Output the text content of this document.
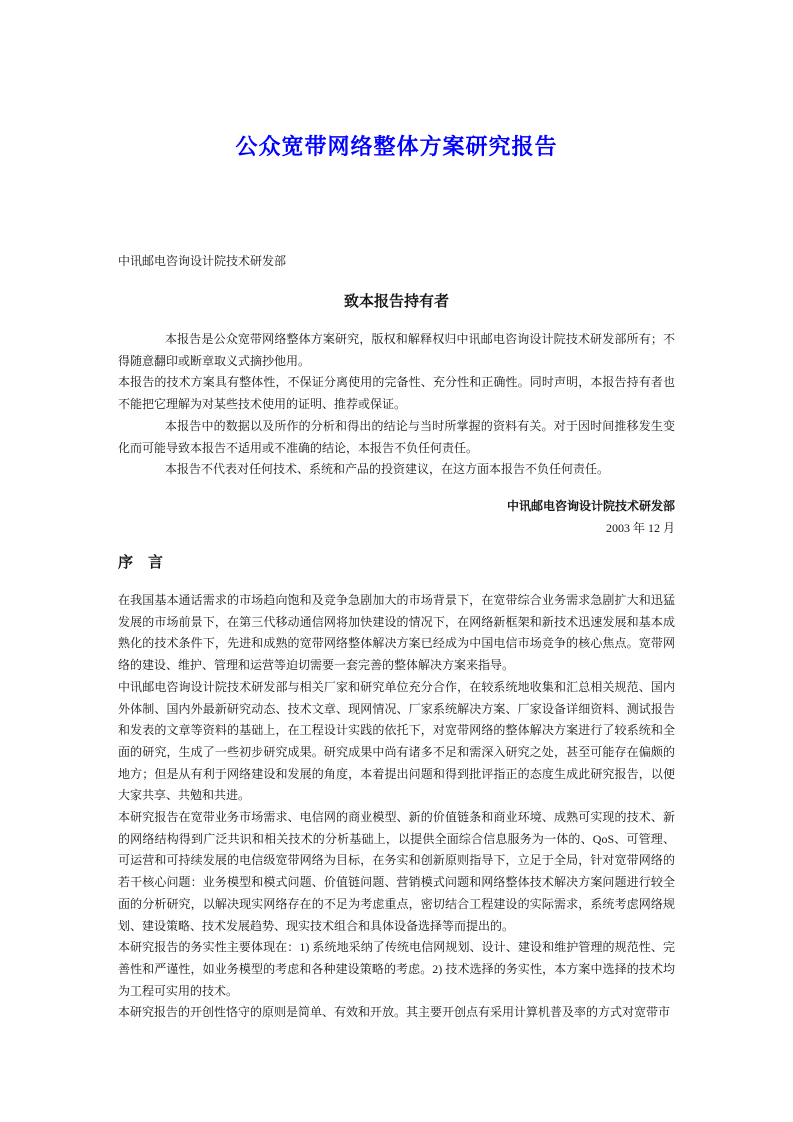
公众宽带网络整体方案研究报告
中讯邮电咨询设计院技术研发部
致本报告持有者

本报告是公众宽带网络整体方案研究，版权和解释权归中讯邮电咨询设计院技术研发部所有；不得随意翻印或断章取义式摘抄他用。

本报告的技术方案具有整体性，不保证分离使用的完备性、充分性和正确性。同时声明，本报告持有者也不能把它理解为对某些技术使用的证明、推荐或保证。

本报告中的数据以及所作的分析和得出的结论与当时所掌握的资料有关。对于因时间推移发生变化而可能导致本报告不适用或不准确的结论，本报告不负任何责任。

本报告不代表对任何技术、系统和产品的投资建议，在这方面本报告不负任何责任。

中讯邮电咨询设计院技术研发部
2003 年 12 月
序　言

在我国基本通话需求的市场趋向饱和及竞争急剧加大的市场背景下，在宽带综合业务需求急剧扩大和迅猛发展的市场前景下，在第三代移动通信网将加快建设的情况下，在网络新框架和新技术迅速发展和基本成熟化的技术条件下，先进和成熟的宽带网络整体解决方案已经成为中国电信市场竞争的核心焦点。宽带网络的建设、维护、管理和运营等迫切需要一套完善的整体解决方案来指导。

中讯邮电咨询设计院技术研发部与相关厂家和研究单位充分合作，在较系统地收集和汇总相关规范、国内外体制、国内外最新研究动态、技术文章、现网情况、厂家系统解决方案、厂家设备详细资料、测试报告和发表的文章等资料的基础上，在工程设计实践的依托下，对宽带网络的整体解决方案进行了较系统和全面的研究，生成了一些初步研究成果。研究成果中尚有诸多不足和需深入研究之处，甚至可能存在偏颇的地方；但是从有利于网络建设和发展的角度，本着提出问题和得到批评指正的态度生成此研究报告，以便大家共享、共勉和共进。

本研究报告在宽带业务市场需求、电信网的商业模型、新的价值链条和商业环境、成熟可实现的技术、新的网络结构得到广泛共识和相关技术的分析基础上，以提供全面综合信息服务为一体的、QoS、可管理、可运营和可持续发展的电信级宽带网络为目标，在务实和创新原则指导下，立足于全局，针对宽带网络的若干核心问题：业务模型和模式问题、价值链问题、营销模式问题和网络整体技术解决方案问题进行较全面的分析研究，以解决现实网络存在的不足为考虑重点，密切结合工程建设的实际需求，系统考虑网络规划、建设策略、技术发展趋势、现实技术组合和具体设备选择等而提出的。

本研究报告的务实性主要体现在：1) 系统地采纳了传统电信网规划、设计、建设和维护管理的规范性、完善性和严谨性，如业务模型的考虑和各种建设策略的考虑。2) 技术选择的务实性，本方案中选择的技术均为工程可实用的技术。

本研究报告的开创性恪守的原则是简单、有效和开放。其主要开创点有采用计算机普及率的方式对宽带市
